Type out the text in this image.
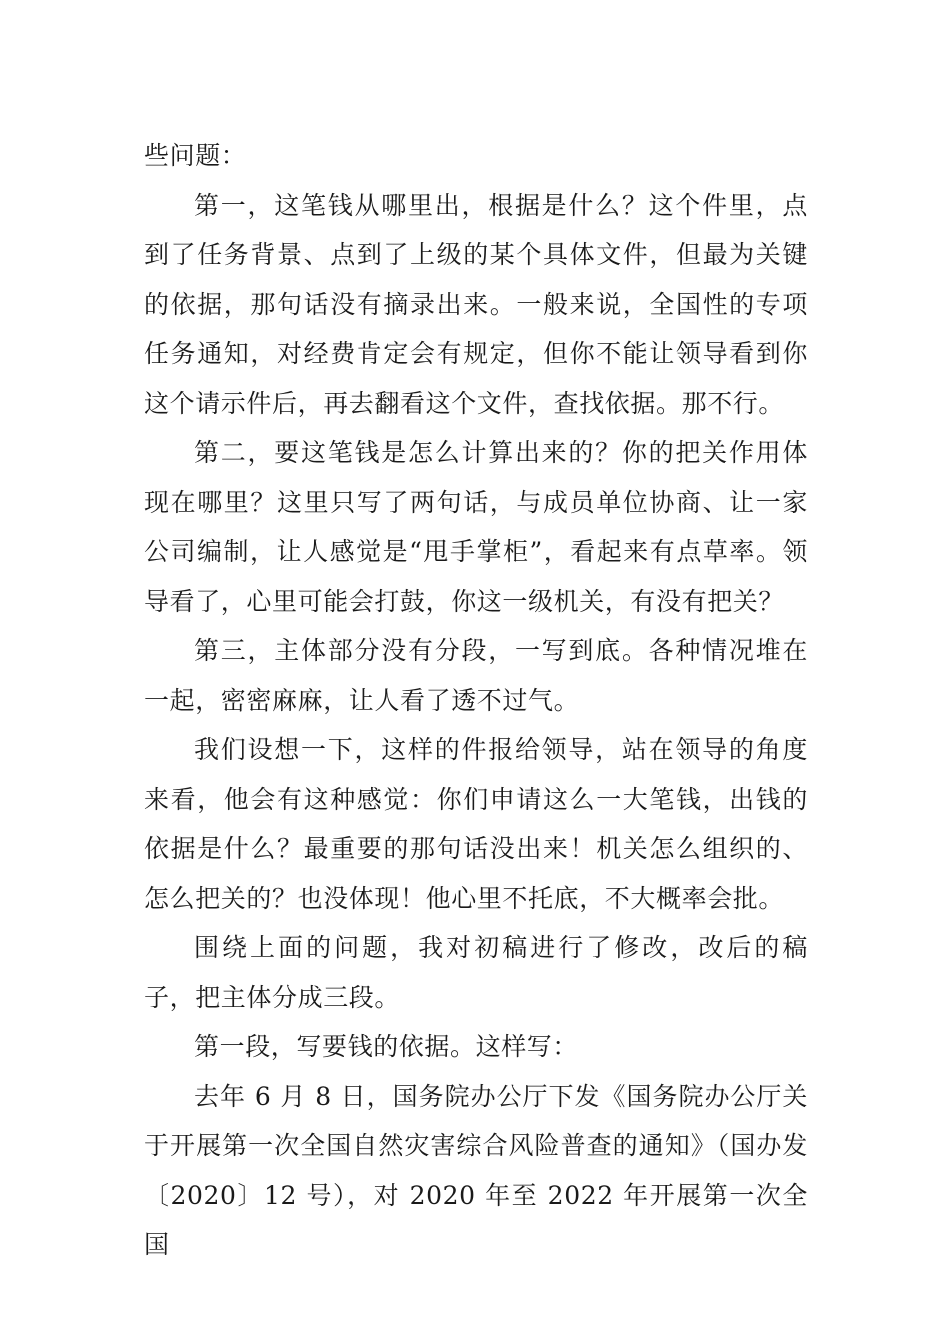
些问题：

第一，这笔钱从哪里出，根据是什么？这个件里，点到了任务背景、点到了上级的某个具体文件，但最为关键的依据，那句话没有摘录出来。一般来说，全国性的专项任务通知，对经费肯定会有规定，但你不能让领导看到你这个请示件后，再去翻看这个文件，查找依据。那不行。

第二，要这笔钱是怎么计算出来的？你的把关作用体现在哪里？这里只写了两句话，与成员单位协商、让一家公司编制，让人感觉是“甩手掌柜”，看起来有点草率。领导看了，心里可能会打鼓，你这一级机关，有没有把关？

第三，主体部分没有分段，一写到底。各种情况堆在一起，密密麻麻，让人看了透不过气。

我们设想一下，这样的件报给领导，站在领导的角度来看，他会有这种感觉：你们申请这么一大笔钱，出钱的依据是什么？最重要的那句话没出来！机关怎么组织的、怎么把关的？也没体现！他心里不托底，不大概率会批。

围绕上面的问题，我对初稿进行了修改，改后的稿子，把主体分成三段。

第一段，写要钱的依据。这样写：

去年 6 月 8 日，国务院办公厅下发《国务院办公厅关于开展第一次全国自然灾害综合风险普查的通知》（国办发〔2020〕12 号），对 2020 年至 2022 年开展第一次全国
